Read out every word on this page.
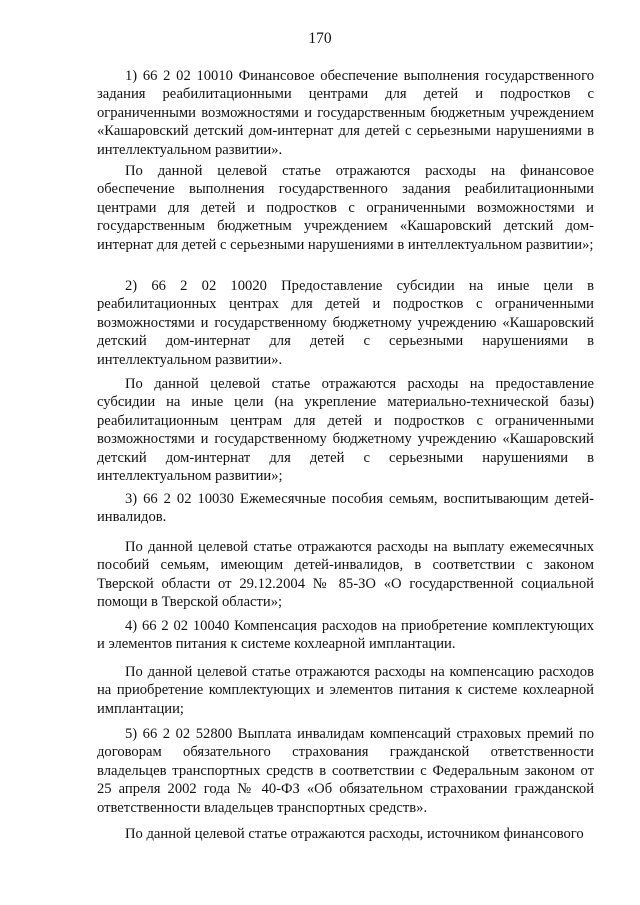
170

1) 66 2 02 10010 Финансовое обеспечение выполнения государственного задания реабилитационными центрами для детей и подростков с ограниченными возможностями и государственным бюджетным учреждением «Кашаровский детский дом-интернат для детей с серьезными нарушениями в интеллектуальном развитии».

По данной целевой статье отражаются расходы на финансовое обеспечение выполнения государственного задания реабилитационными центрами для детей и подростков с ограниченными возможностями и государственным бюджетным учреждением «Кашаровский детский дом-интернат для детей с серьезными нарушениями в интеллектуальном развитии»;

2) 66 2 02 10020 Предоставление субсидии на иные цели в реабилитационных центрах для детей и подростков с ограниченными возможностями и государственному бюджетному учреждению «Кашаровский детский дом-интернат для детей с серьезными нарушениями в интеллектуальном развитии».

По данной целевой статье отражаются расходы на предоставление субсидии на иные цели (на укрепление материально-технической базы) реабилитационным центрам для детей и подростков с ограниченными возможностями и государственному бюджетному учреждению «Кашаровский детский дом-интернат для детей с серьезными нарушениями в интеллектуальном развитии»;

3) 66 2 02 10030 Ежемесячные пособия семьям, воспитывающим детей-инвалидов.

По данной целевой статье отражаются расходы на выплату ежемесячных пособий семьям, имеющим детей-инвалидов, в соответствии с законом Тверской области от 29.12.2004 № 85-ЗО «О государственной социальной помощи в Тверской области»;

4) 66 2 02 10040 Компенсация расходов на приобретение комплектующих и элементов питания к системе кохлеарной имплантации.

По данной целевой статье отражаются расходы на компенсацию расходов на приобретение комплектующих и элементов питания к системе кохлеарной имплантации;

5) 66 2 02 52800 Выплата инвалидам компенсаций страховых премий по договорам обязательного страхования гражданской ответственности владельцев транспортных средств в соответствии с Федеральным законом от 25 апреля 2002 года № 40-ФЗ «Об обязательном страховании гражданской ответственности владельцев транспортных средств».

По данной целевой статье отражаются расходы, источником финансового
